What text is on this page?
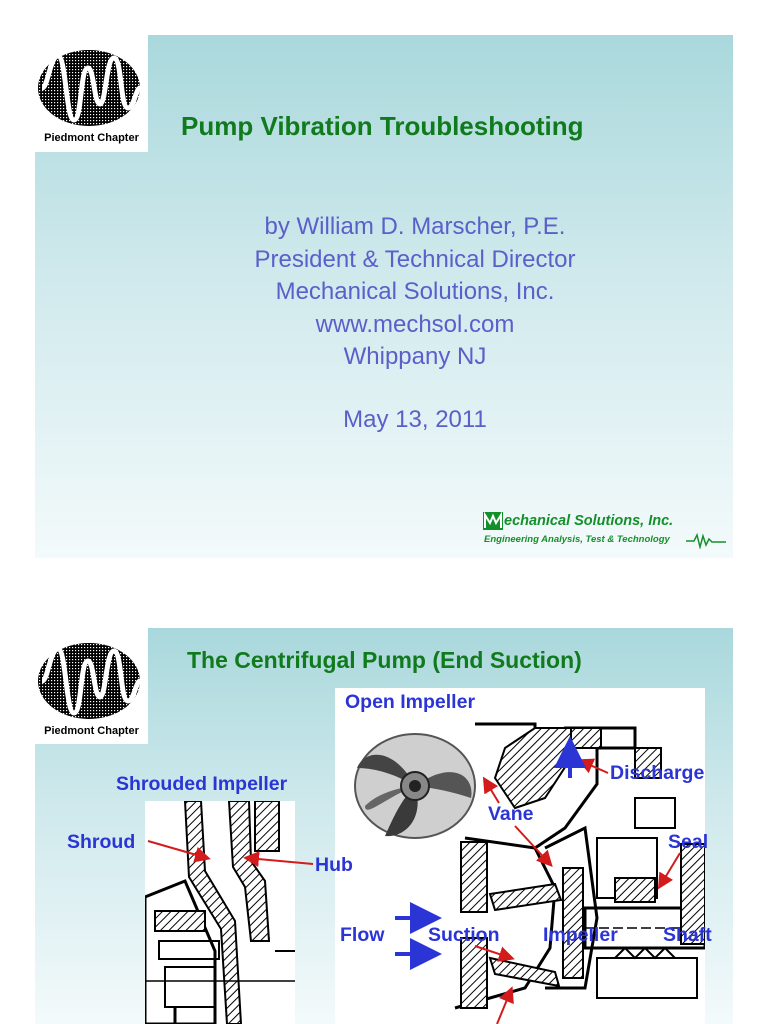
Piedmont Chapter	Pump Vibration Troubleshooting
by William D. Marscher, P.E.
President & Technical Director
Mechanical Solutions, Inc.
www.mechsol.com
Whippany NJ
May 13, 2011
echanical Solutions, Inc.
Engineering Analysis, Test & Technology
Piedmont Chapter
The Centrifugal Pump (End Suction)
Open Impeller
Shrouded Impeller	Discharge
Vane
Shroud	Seal
Hub
Flow Suction Impeller Shaft
